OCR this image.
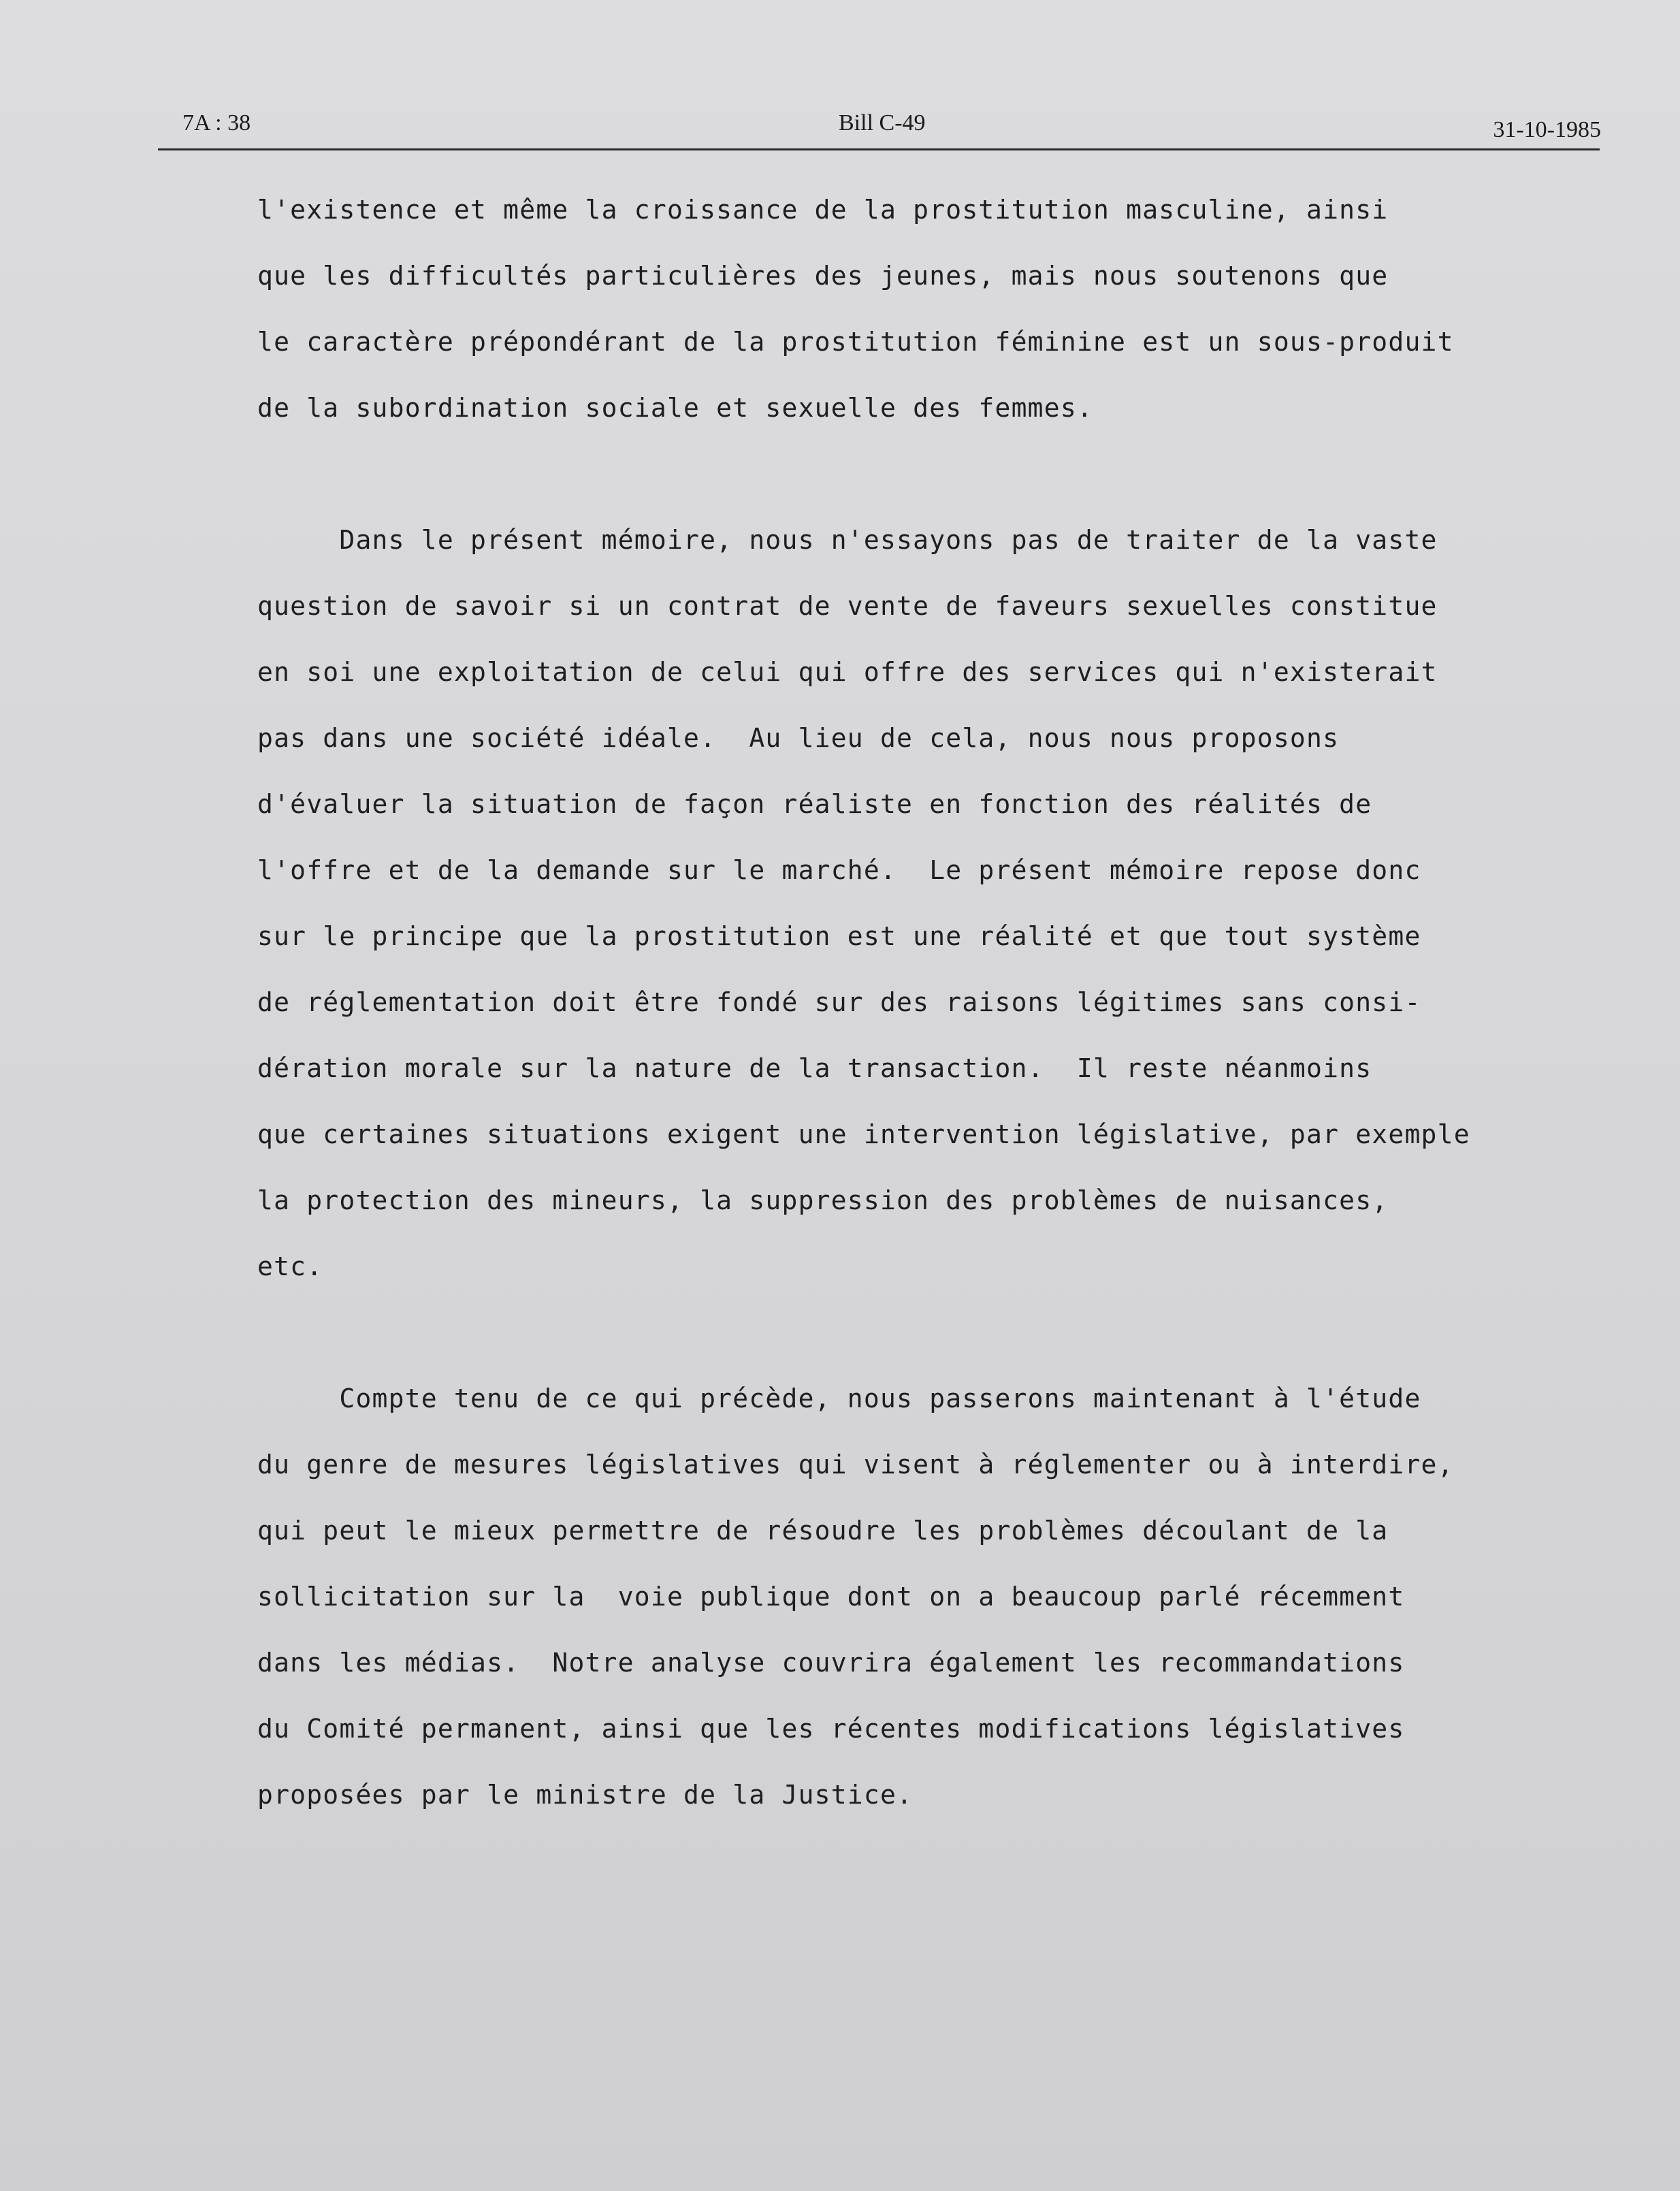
7A : 38	Bill C-49	31-10-1985
l'existence et même la croissance de la prostitution masculine, ainsi
que les difficultés particulières des jeunes, mais nous soutenons que
le caractère prépondérant de la prostitution féminine est un sous-produit
de la subordination sociale et sexuelle des femmes.
Dans le présent mémoire, nous n'essayons pas de traiter de la vaste
question de savoir si un contrat de vente de faveurs sexuelles constitue
en soi une exploitation de celui qui offre des services qui n'existerait
pas dans une société idéale.  Au lieu de cela, nous nous proposons
d'évaluer la situation de façon réaliste en fonction des réalités de
l'offre et de la demande sur le marché.  Le présent mémoire repose donc
sur le principe que la prostitution est une réalité et que tout système
de réglementation doit être fondé sur des raisons légitimes sans consi-
dération morale sur la nature de la transaction.  Il reste néanmoins
que certaines situations exigent une intervention législative, par exemple
la protection des mineurs, la suppression des problèmes de nuisances,
etc.
Compte tenu de ce qui précède, nous passerons maintenant à l'étude
du genre de mesures législatives qui visent à réglementer ou à interdire,
qui peut le mieux permettre de résoudre les problèmes découlant de la
sollicitation sur la  voie publique dont on a beaucoup parlé récemment
dans les médias.  Notre analyse couvrira également les recommandations
du Comité permanent, ainsi que les récentes modifications législatives
proposées par le ministre de la Justice.
